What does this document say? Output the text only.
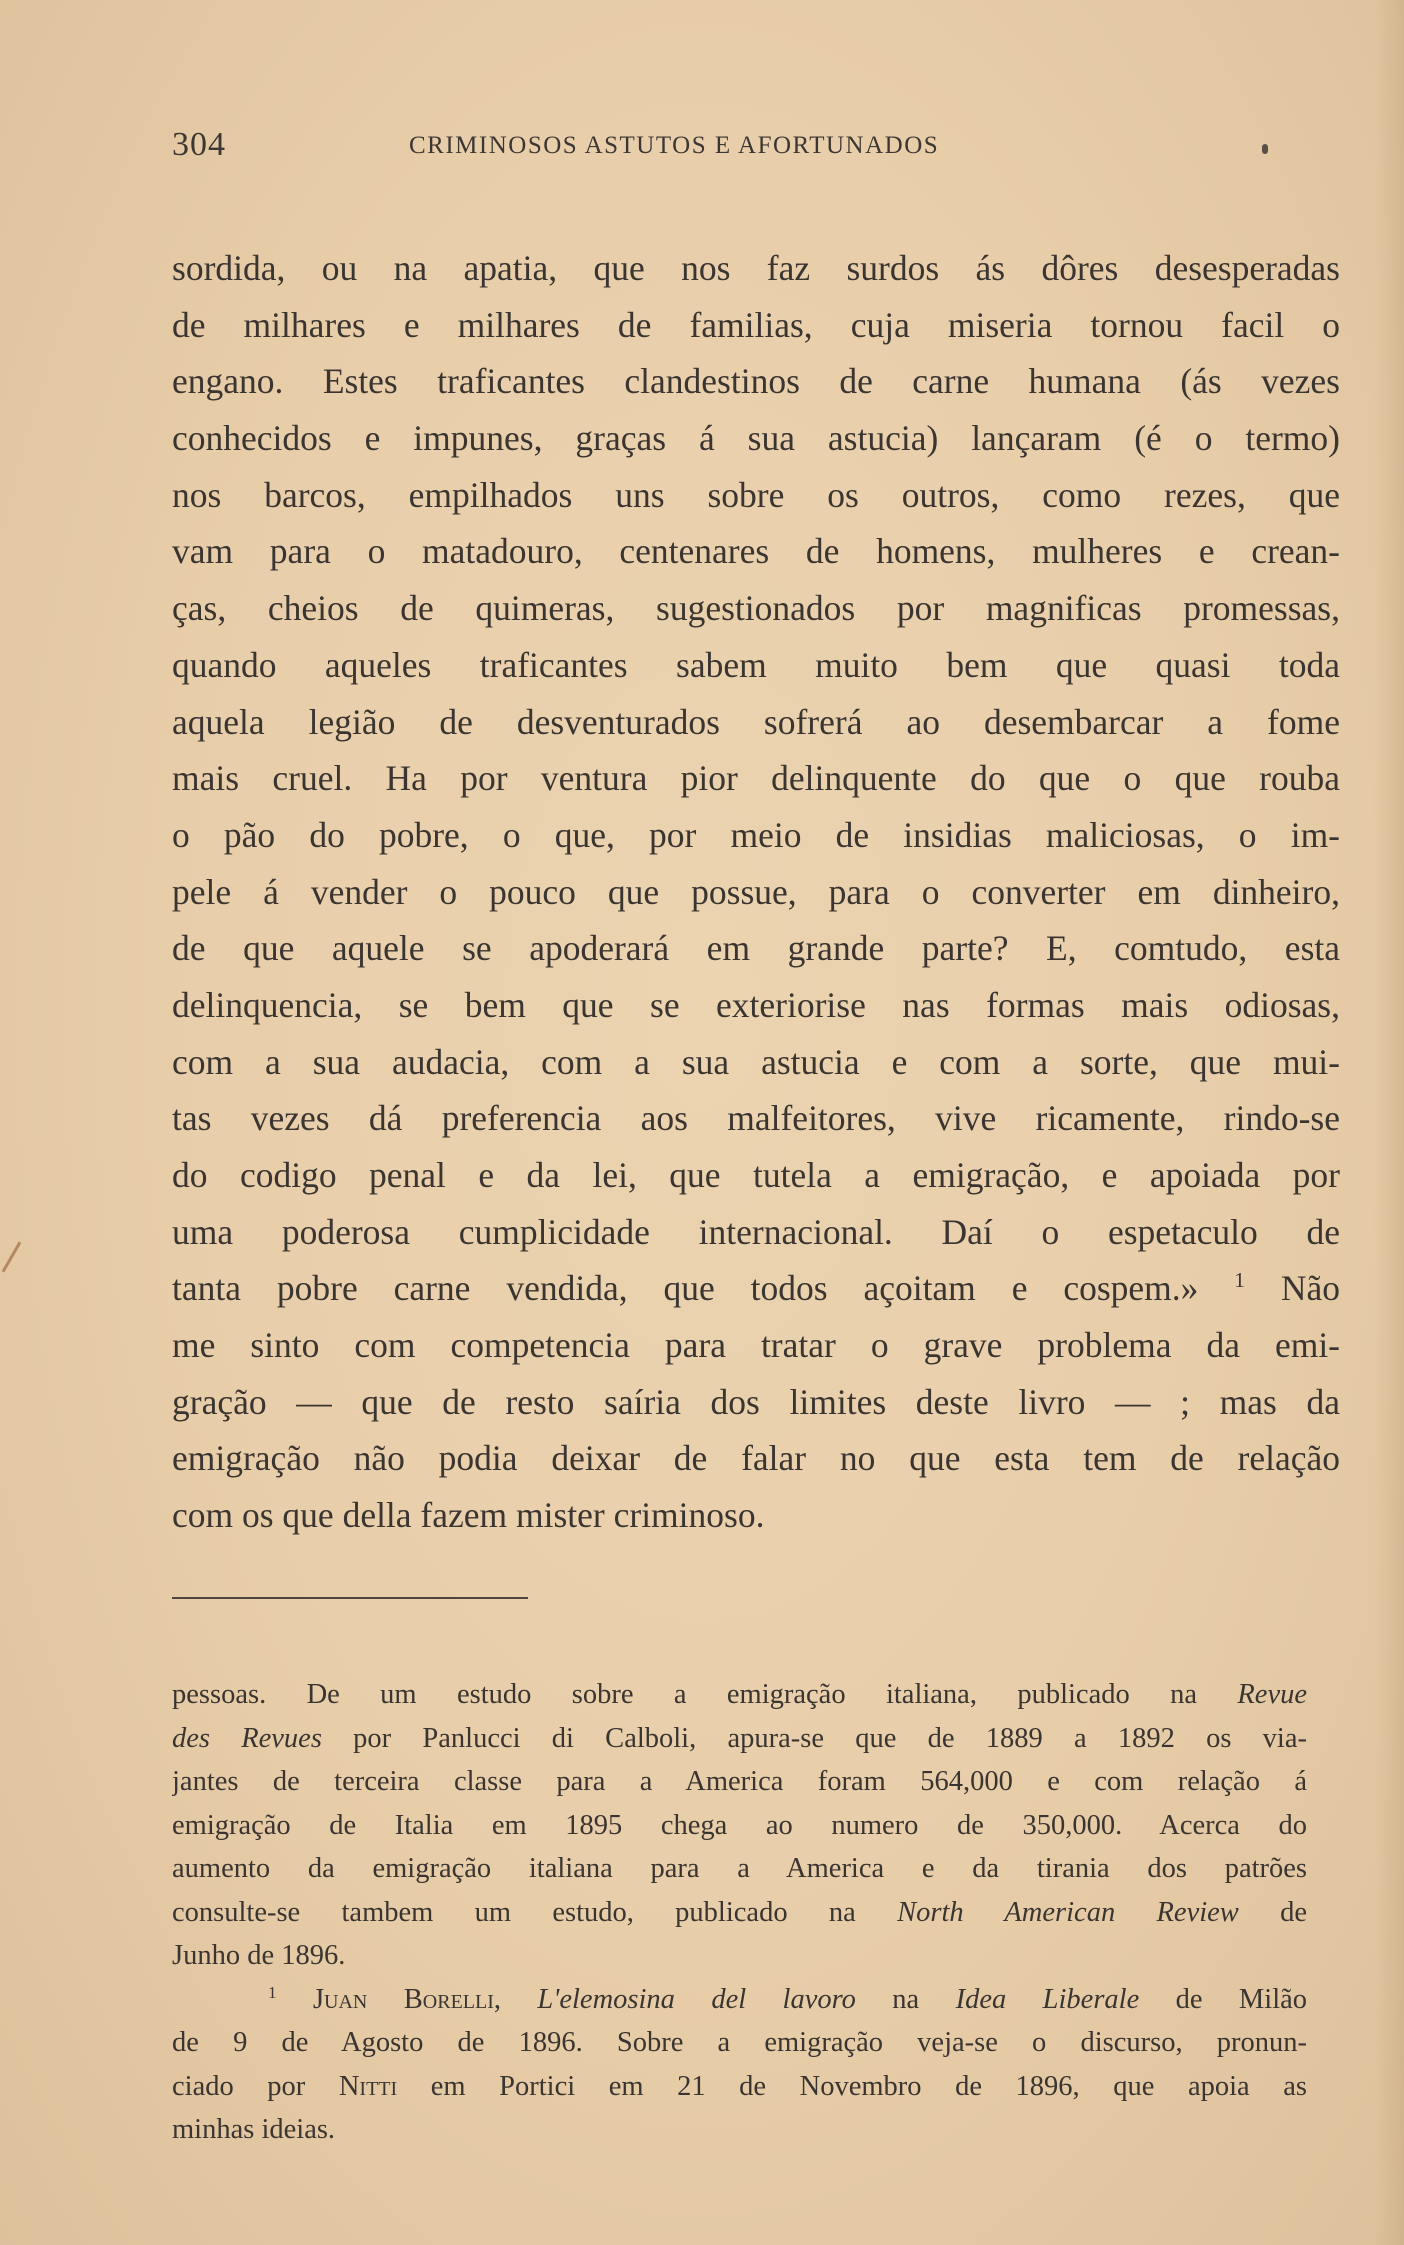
304	CRIMINOSOS ASTUTOS E AFORTUNADOS
sordida, ou na apatia, que nos faz surdos ás dôres desesperadas
de milhares e milhares de familias, cuja miseria tornou facil o
engano. Estes traficantes clandestinos de carne humana (ás vezes
conhecidos e impunes, graças á sua astucia) lançaram (é o termo)
nos barcos, empilhados uns sobre os outros, como rezes, que
vam para o matadouro, centenares de homens, mulheres e crean-
ças, cheios de quimeras, sugestionados por magnificas promessas,
quando aqueles traficantes sabem muito bem que quasi toda
aquela legião de desventurados sofrerá ao desembarcar a fome
mais cruel. Ha por ventura pior delinquente do que o que rouba
o pão do pobre, o que, por meio de insidias maliciosas, o im-
pele á vender o pouco que possue, para o converter em dinheiro,
de que aquele se apoderará em grande parte? E, comtudo, esta
delinquencia, se bem que se exteriorise nas formas mais odiosas,
com a sua audacia, com a sua astucia e com a sorte, que mui-
tas vezes dá preferencia aos malfeitores, vive ricamente, rindo-se
do codigo penal e da lei, que tutela a emigração, e apoiada por
uma poderosa cumplicidade internacional. Daí o espetaculo de
tanta pobre carne vendida, que todos açoitam e cospem.» $^1$ Não
me sinto com competencia para tratar o grave problema da emi-
gração — que de resto saíria dos limites deste livro — ; mas da
emigração não podia deixar de falar no que esta tem de relação
com os que della fazem mister criminoso.
pessoas. De um estudo sobre a emigração italiana, publicado na Revue
des Revues por Panlucci di Calboli, apura-se que de 1889 a 1892 os via-
jantes de terceira classe para a America foram 564,000 e com relação á
emigração de Italia em 1895 chega ao numero de 350,000. Acerca do
aumento da emigração italiana para a America e da tirania dos patrões
consulte-se tambem um estudo, publicado na North American Review de
Junho de 1896.
$^1$ Juan Borelli, L'elemosina del lavoro na Idea Liberale de Milão
de 9 de Agosto de 1896. Sobre a emigração veja-se o discurso, pronun-
ciado por Nitti em Portici em 21 de Novembro de 1896, que apoia as
minhas ideias.
